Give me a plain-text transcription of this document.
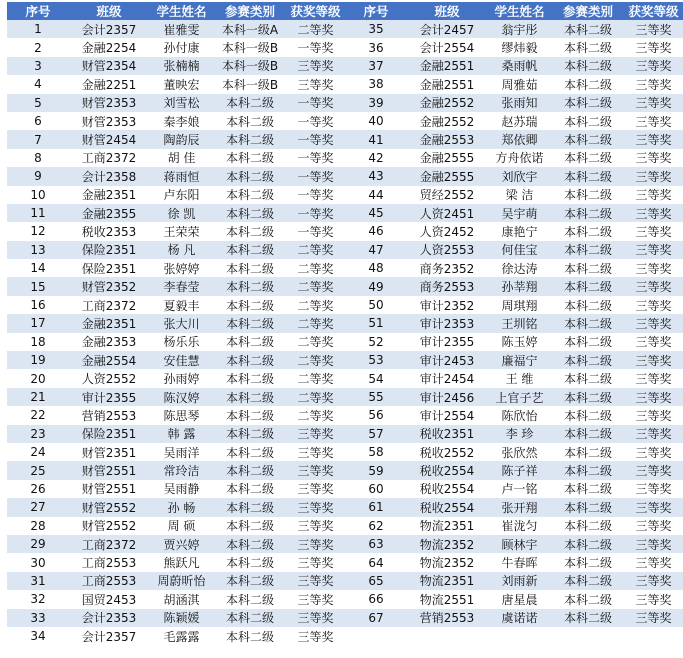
序号	班级	学生姓名	参赛类别	获奖等级	序号	班级	学生姓名	参赛类别	获奖等级
1	会计2357	崔雅雯	本科一级A	二等奖	35	会计2457	翁宇彤	本科二级	三等奖
2	金融2254	孙付康	本科一级B	一等奖	36	会计2554	缪炜毅	本科二级	三等奖
3	财管2354	张楠楠	本科一级B	三等奖	37	金融2551	桑雨帆	本科二级	三等奖
4	金融2251	董映宏	本科一级B	三等奖	38	金融2551	周雅茹	本科二级	三等奖
5	财管2353	刘雪松	本科二级	一等奖	39	金融2552	张雨知	本科二级	三等奖
6	财管2353	秦李娘	本科二级	一等奖	40	金融2552	赵苏瑞	本科二级	三等奖
7	财管2454	陶韵辰	本科二级	一等奖	41	金融2553	郑依卿	本科二级	三等奖
8	工商2372	胡 佳	本科二级	一等奖	42	金融2555	方舟依诺	本科二级	三等奖
9	会计2358	蒋雨恒	本科二级	一等奖	43	金融2555	刘欣宇	本科二级	三等奖
10	金融2351	卢东阳	本科二级	一等奖	44	贸经2552	梁 洁	本科二级	三等奖
11	金融2355	徐 凯	本科二级	一等奖	45	人资2451	吴宇萌	本科二级	三等奖
12	税收2353	王荣荣	本科二级	一等奖	46	人资2452	康艳宁	本科二级	三等奖
13	保险2351	杨 凡	本科二级	二等奖	47	人资2553	何佳宝	本科二级	三等奖
14	保险2351	张婷婷	本科二级	二等奖	48	商务2352	徐达涛	本科二级	三等奖
15	财管2352	李春莹	本科二级	二等奖	49	商务2553	孙莘翔	本科二级	三等奖
16	工商2372	夏毅丰	本科二级	二等奖	50	审计2352	周琪翔	本科二级	三等奖
17	金融2351	张大川	本科二级	二等奖	51	审计2353	王圳铭	本科二级	三等奖
18	金融2353	杨乐乐	本科二级	二等奖	52	审计2355	陈玉婷	本科二级	三等奖
19	金融2554	安佳慧	本科二级	二等奖	53	审计2453	廉福宁	本科二级	三等奖
20	人资2552	孙雨婷	本科二级	二等奖	54	审计2454	王 维	本科二级	三等奖
21	审计2355	陈汉婷	本科二级	二等奖	55	审计2456	上官子艺	本科二级	三等奖
22	营销2553	陈思琴	本科二级	二等奖	56	审计2554	陈欣怡	本科二级	三等奖
23	保险2351	韩 露	本科二级	三等奖	57	税收2351	李 珍	本科二级	三等奖
24	财管2351	吴雨洋	本科二级	三等奖	58	税收2552	张欣然	本科二级	三等奖
25	财管2551	常玲洁	本科二级	三等奖	59	税收2554	陈子祥	本科二级	三等奖
26	财管2551	吴雨静	本科二级	三等奖	60	税收2554	卢一铭	本科二级	三等奖
27	财管2552	孙 畅	本科二级	三等奖	61	税收2554	张开翔	本科二级	三等奖
28	财管2552	周 硕	本科二级	三等奖	62	物流2351	崔泷匀	本科二级	三等奖
29	工商2372	贾兴婷	本科二级	三等奖	63	物流2352	顾林宇	本科二级	三等奖
30	工商2553	熊跃凡	本科二级	三等奖	64	物流2352	牛春晖	本科二级	三等奖
31	工商2553	周蔚昕怡	本科二级	三等奖	65	物流2351	刘雨新	本科二级	三等奖
32	国贸2453	胡涵淇	本科二级	三等奖	66	物流2551	唐星晨	本科二级	三等奖
33	会计2353	陈颖媛	本科二级	三等奖	67	营销2553	虞诺诺	本科二级	三等奖
34	会计2357	毛露露	本科二级	三等奖					
